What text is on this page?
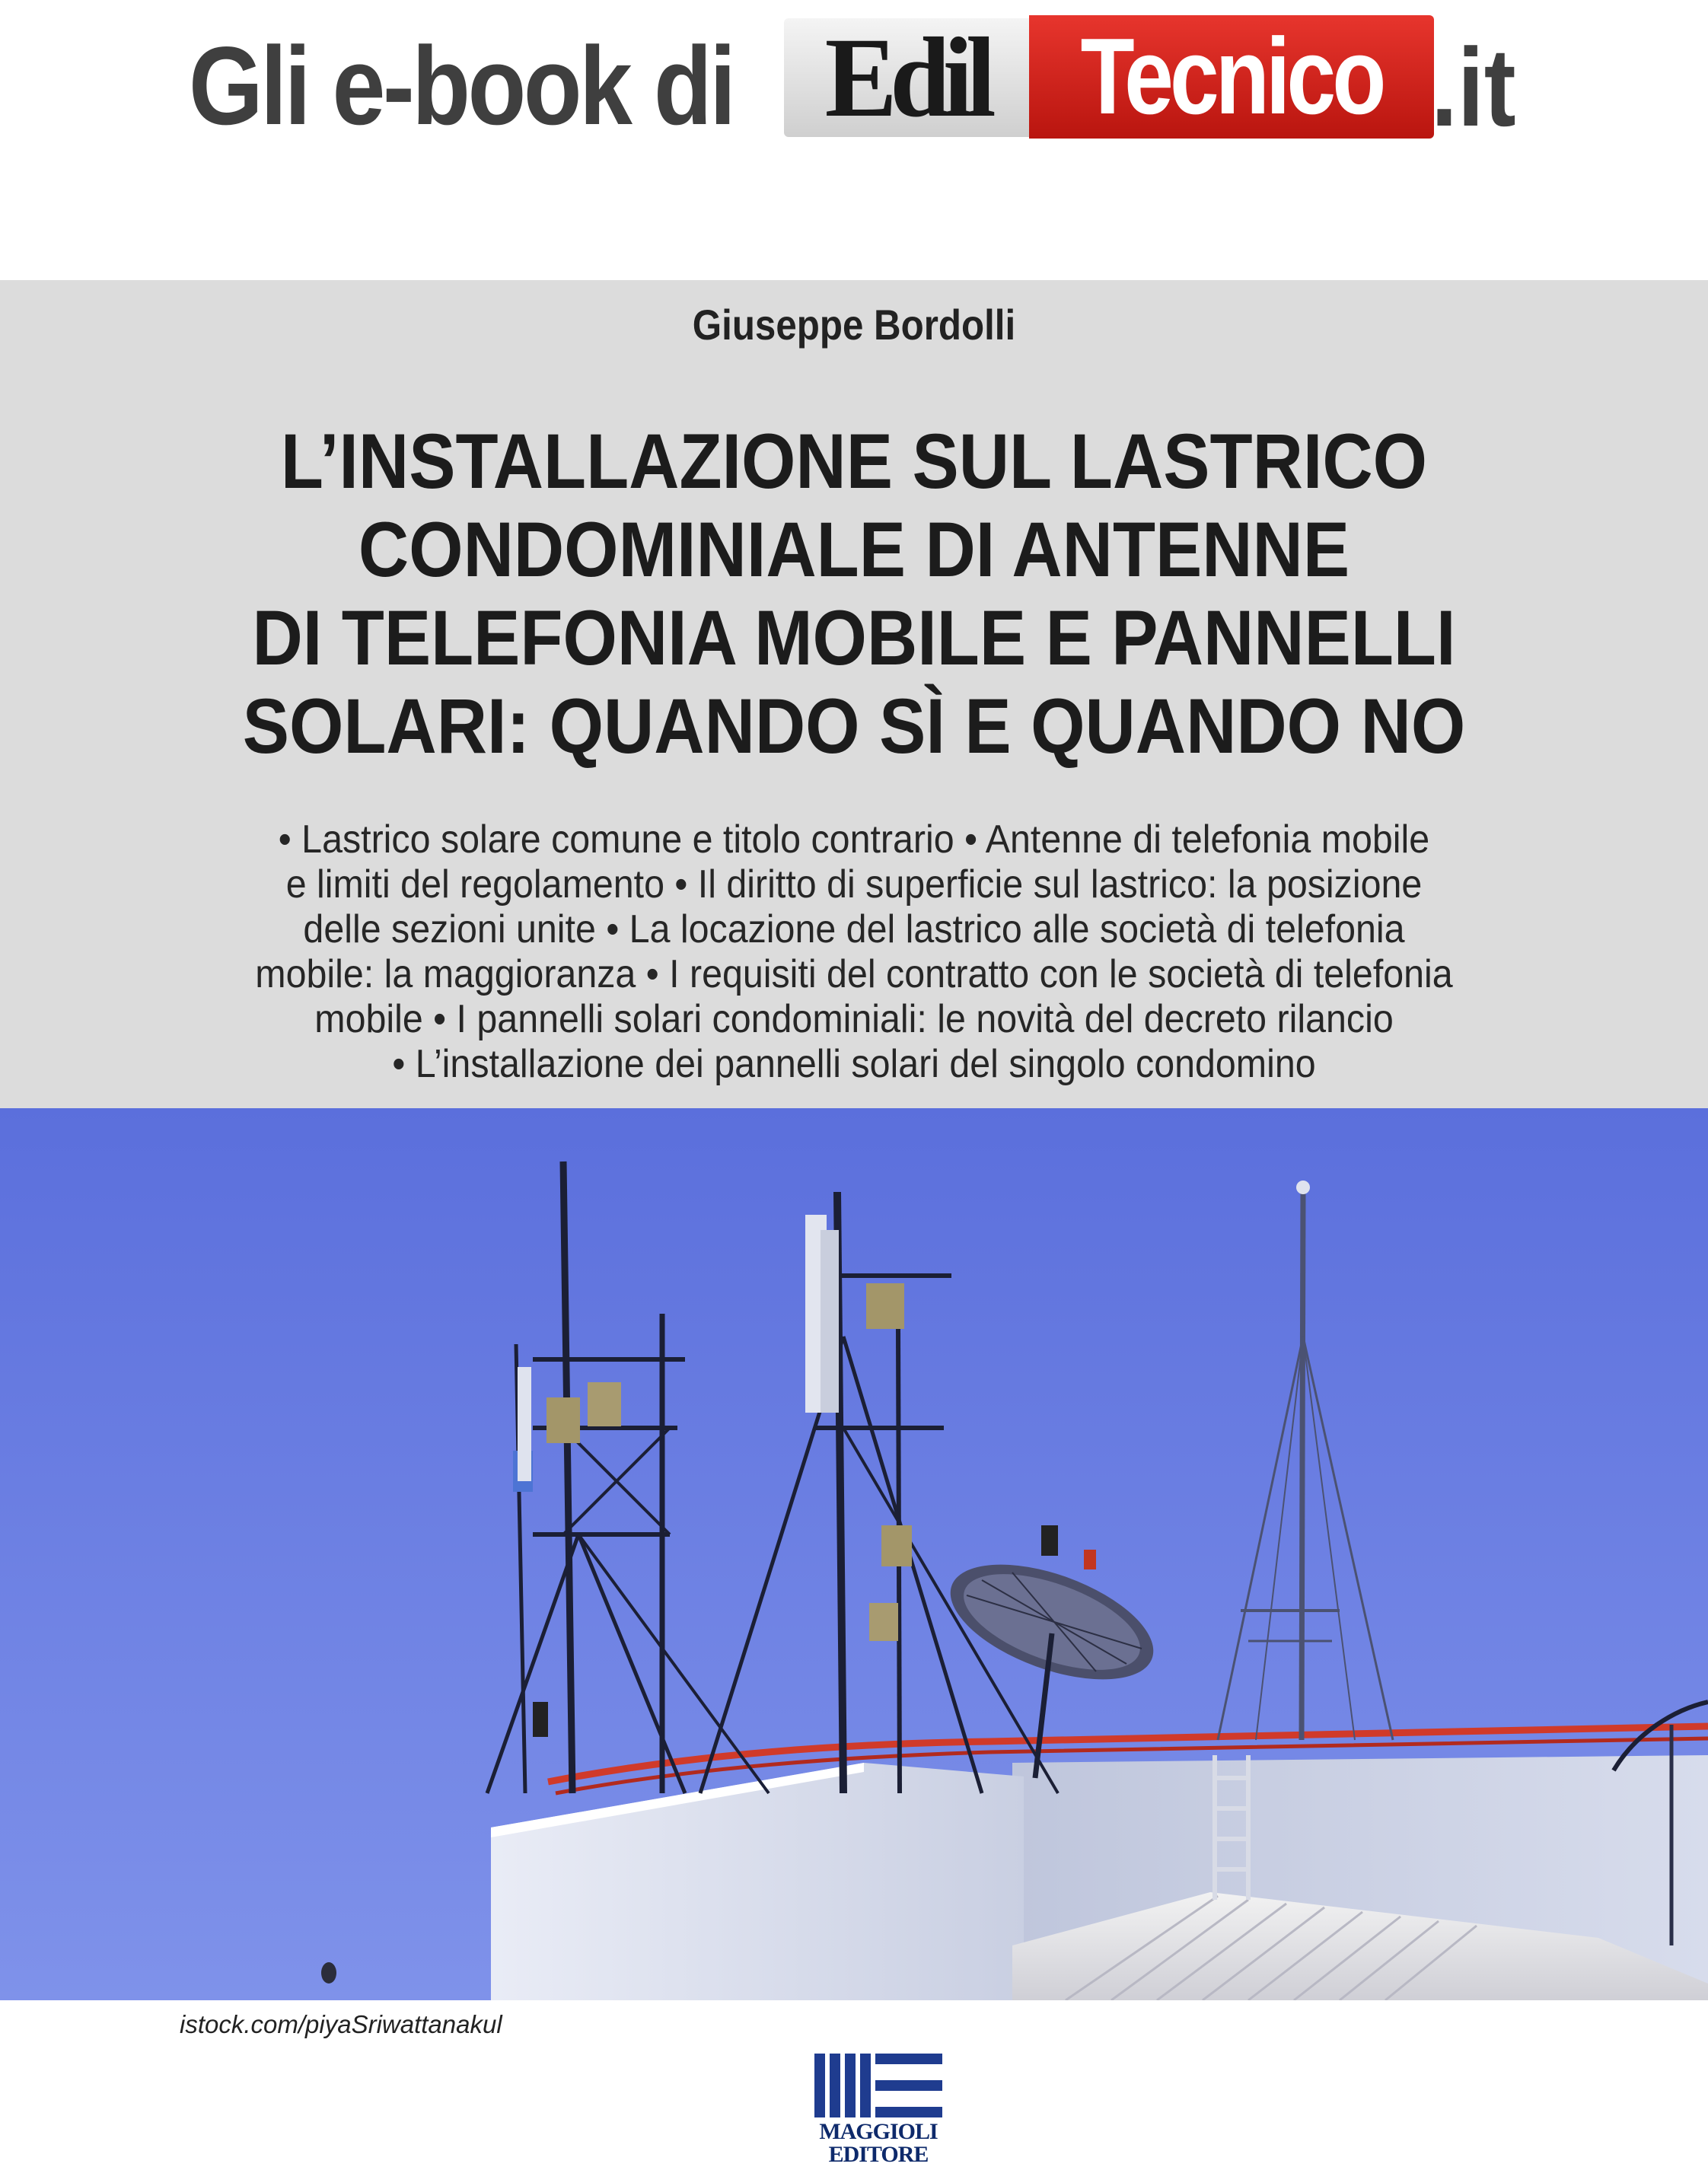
Gli e-book di Edil Tecnico .it
Giuseppe Bordolli
L’INSTALLAZIONE SUL LASTRICO
CONDOMINIALE DI ANTENNE
DI TELEFONIA MOBILE E PANNELLI
SOLARI: QUANDO SÌ E QUANDO NO
• Lastrico solare comune e titolo contrario • Antenne di telefonia mobile
e limiti del regolamento • Il diritto di superficie sul lastrico: la posizione
delle sezioni unite • La locazione del lastrico alle società di telefonia
mobile: la maggioranza • I requisiti del contratto con le società di telefonia
mobile • I pannelli solari condominiali: le novità del decreto rilancio
• L’installazione dei pannelli solari del singolo condomino
istock.com/piyaSriwattanakul
MAGGIOLI
EDITORE
